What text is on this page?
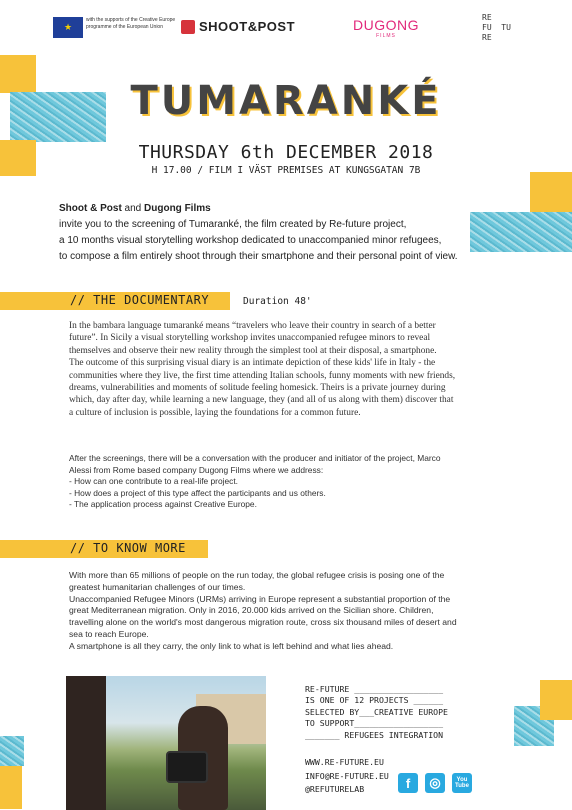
★
with the supports of the Creative Europe programme of the European Union	SHOOT&POST	DUGONG
FILMS
RE
FU  TU
RE
TUMARANKÉ
THURSDAY 6th DECEMBER 2018
H 17.00 / FILM I VÄST PREMISES AT KUNGSGATAN 7B
Shoot & Post and Dugong Films
invite you to the screening of Tumaranké, the film created by Re-future project,
a 10 months visual storytelling workshop dedicated to unaccompanied minor refugees,
to compose a film entirely shoot through their smartphone and their personal point of view.
// THE DOCUMENTARY	Duration 48'

In the bambara language tumaranké means “travelers who leave their country in search of a better future”. In Sicily a visual storytelling workshop invites unaccompanied refugee minors to reveal themselves and observe their new reality through the simplest tool at their disposal, a smartphone.

The outcome of this surprising visual diary is an intimate depiction of these kids' life in Italy - the communities where they live, the first time attending Italian schools, funny moments with new friends, dreams, vulnerabilities and moments of solitude feeling homesick. Theirs is a private journey during which, day after day, while learning a new language, they (and all of us along with them) discover that a culture of inclusion is possible, laying the foundations for a common future.

After the screenings, there will be a conversation with the producer and initiator of the project, Marco Alessi from Rome based company Dugong Films where we address:

- How can one contribute to a real-life project.

- How does a project of this type affect the participants and us others.

- The application process against Creative Europe.

// TO KNOW MORE

With more than 65 millions of people on the run today, the global refugee crisis is posing one of the greatest humanitarian challenges of our times.

Unaccompanied Refugee Minors (URMs) arriving in Europe represent a substantial proportion of the great Mediterranean migration. Only in 2016, 20.000 kids arrived on the Sicilian shore. Children, travelling alone on the world's most dangerous migration route, cross six thousand miles of desert and sea to reach Europe.

A smartphone is all they carry, the only link to what is left behind and what lies ahead.

RE-FUTURE __________________
IS ONE OF 12 PROJECTS ______
SELECTED BY___CREATIVE EUROPE
TO SUPPORT__________________
_______ REFUGEES INTEGRATION
WWW.RE-FUTURE.EU
INFO@RE-FUTURE.EU
@REFUTURELAB	f	◎	You
Tube
